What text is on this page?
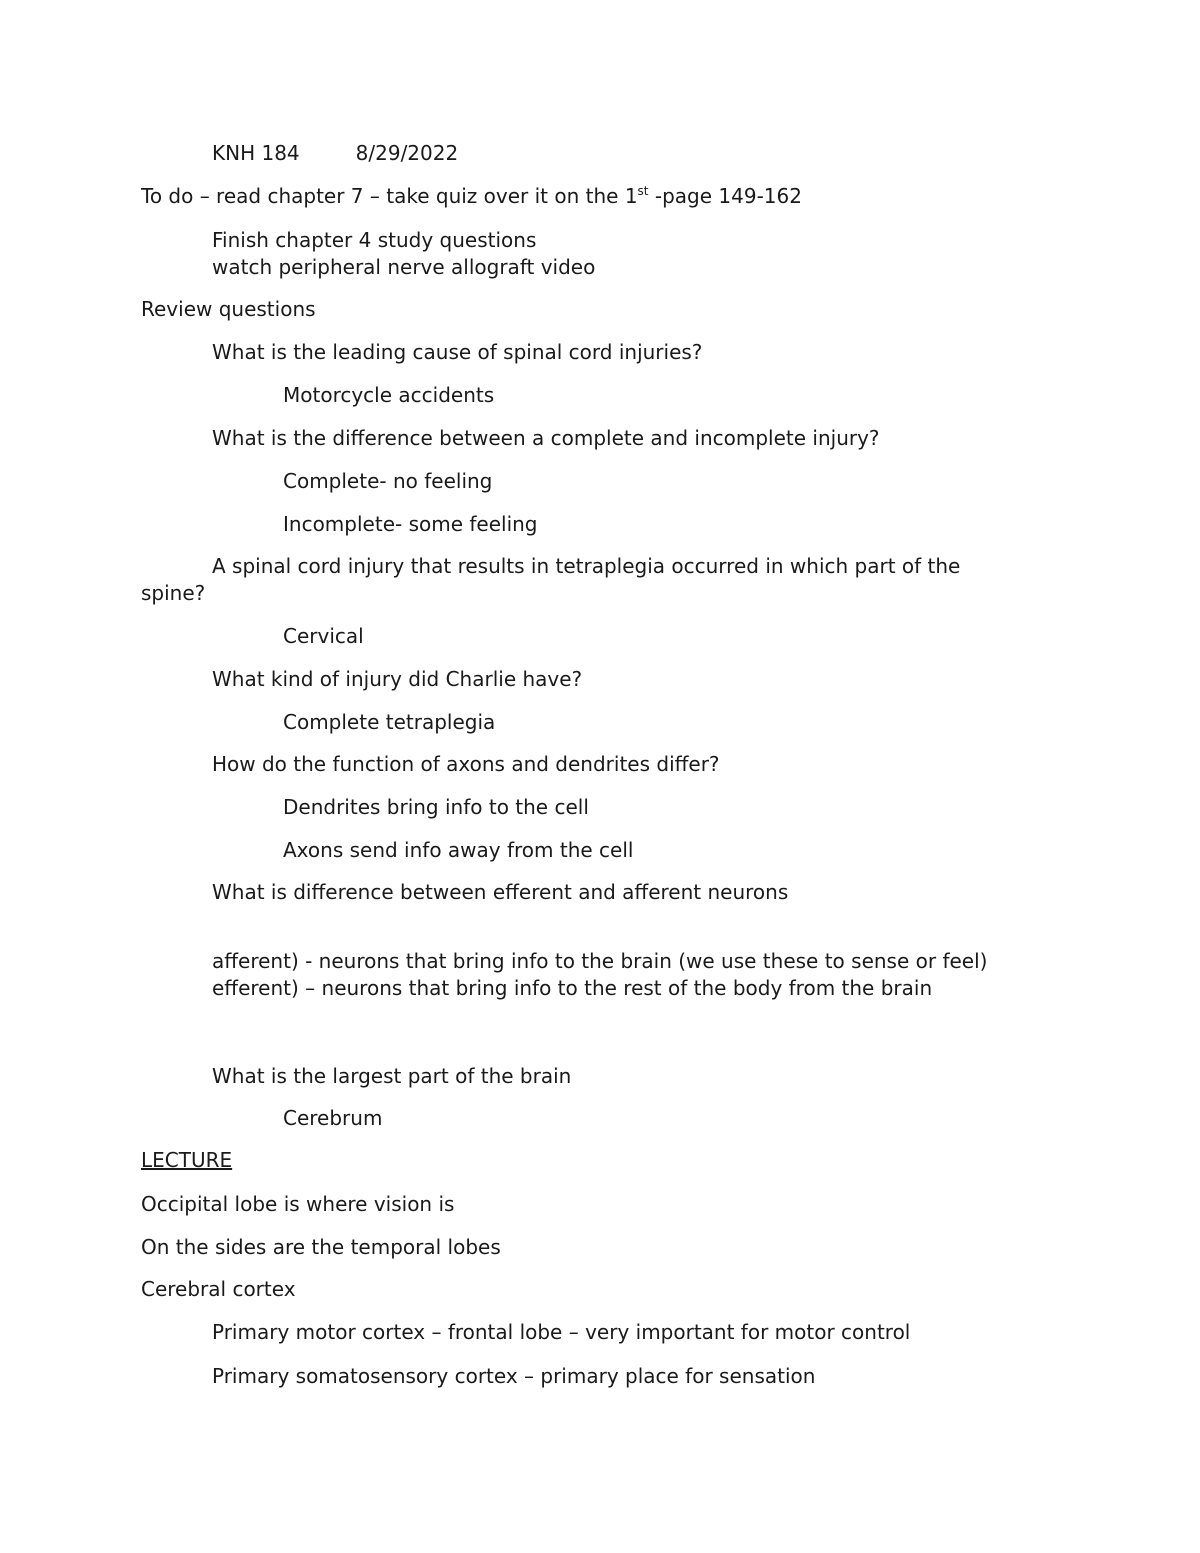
KNH 184	8/29/2022
To do – read chapter 7 – take quiz over it on the 1st -page 149-162
Finish chapter 4 study questions
watch peripheral nerve allograft video
Review questions
What is the leading cause of spinal cord injuries?
Motorcycle accidents
What is the difference between a complete and incomplete injury?
Complete- no feeling
Incomplete- some feeling
A spinal cord injury that results in tetraplegia occurred in which part of the
spine?
Cervical
What kind of injury did Charlie have?
Complete tetraplegia
How do the function of axons and dendrites differ?
Dendrites bring info to the cell
Axons send info away from the cell
What is difference between efferent and afferent neurons
afferent) - neurons that bring info to the brain (we use these to sense or feel)
efferent) – neurons that bring info to the rest of the body from the brain
What is the largest part of the brain
Cerebrum
LECTURE
Occipital lobe is where vision is
On the sides are the temporal lobes
Cerebral cortex
Primary motor cortex – frontal lobe – very important for motor control
Primary somatosensory cortex – primary place for sensation
